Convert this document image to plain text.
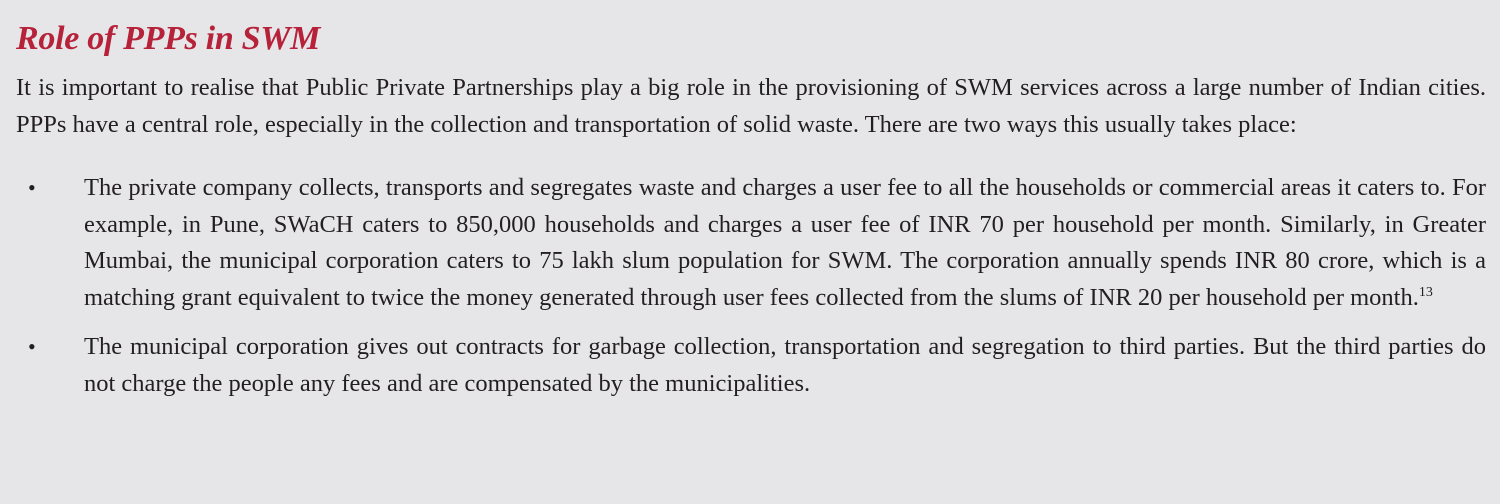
Role of PPPs in SWM

It is important to realise that Public Private Partnerships play a big role in the provisioning of SWM services across a large number of Indian cities. PPPs have a central role, especially in the collection and transportation of solid waste. There are two ways this usually takes place:

• The private company collects, transports and segregates waste and charges a user fee to all the households or commercial areas it caters to. For example, in Pune, SWaCH caters to 850,000 households and charges a user fee of INR 70 per household per month. Similarly, in Greater Mumbai, the municipal corporation caters to 75 lakh slum population for SWM. The corporation annually spends INR 80 crore, which is a matching grant equivalent to twice the money generated through user fees collected from the slums of INR 20 per household per month.$^{13}$
• The municipal corporation gives out contracts for garbage collection, transportation and segregation to third parties. But the third parties do not charge the people any fees and are compensated by the municipalities.
